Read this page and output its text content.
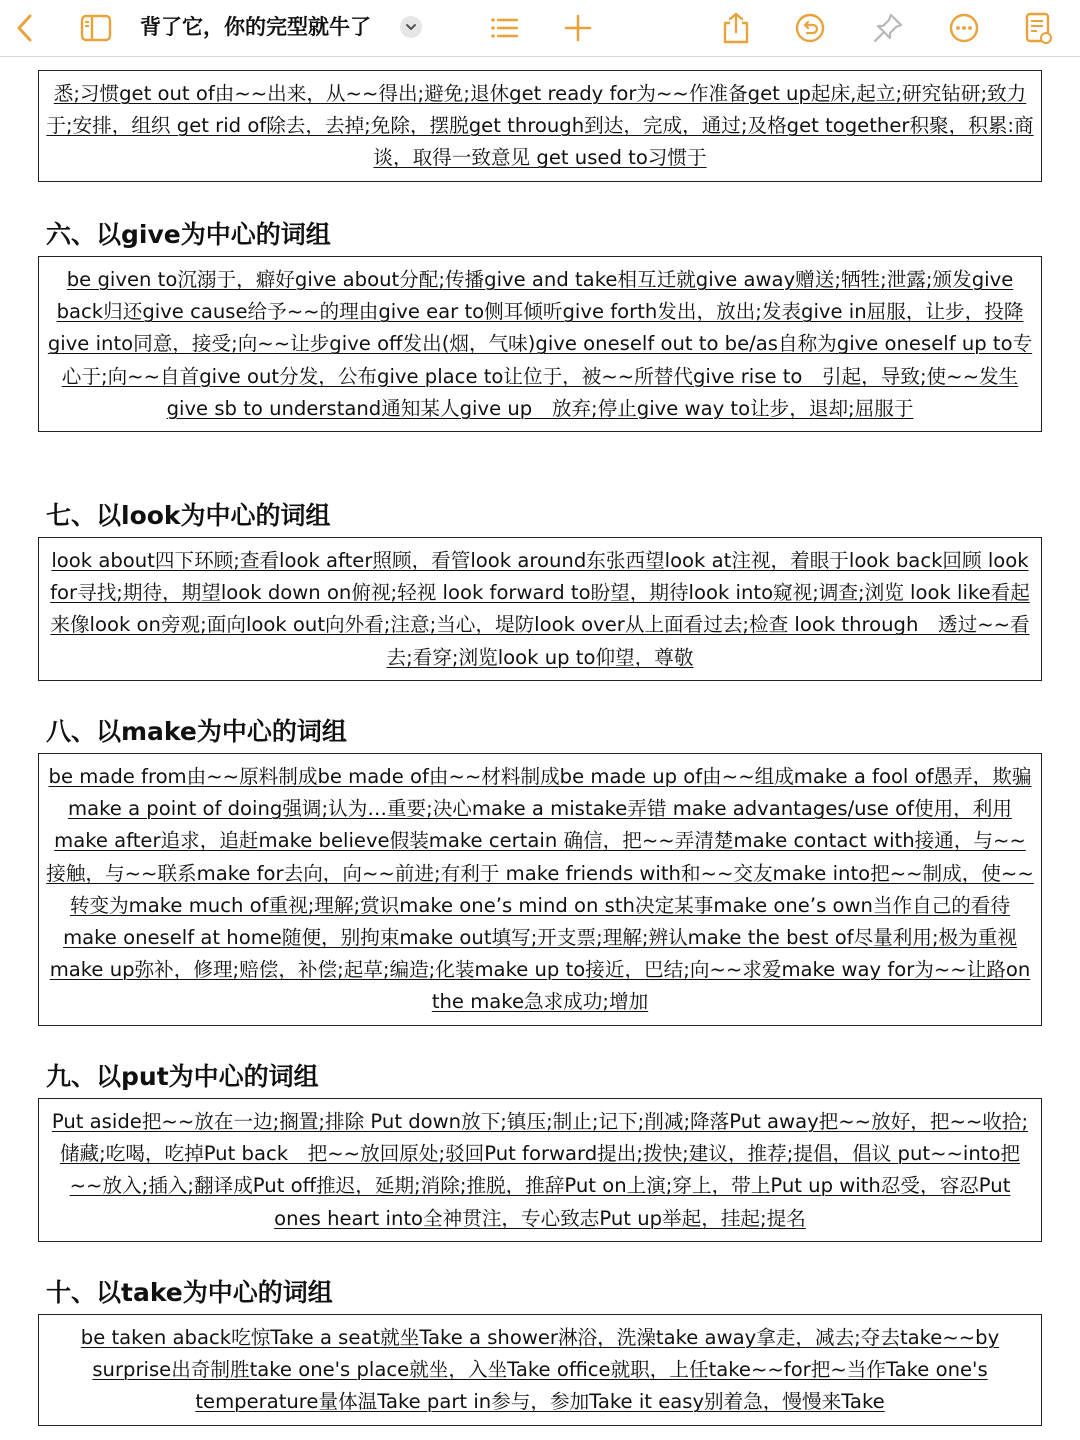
背了它，你的完型就牛了
悉;习惯get out of由~~出来，从~~得出;避免;退休get ready for为~~作准备get up起床,起立;研究钻研;致力于;安排，组织 get rid of除去，去掉;免除，摆脱get through到达，完成，通过;及格get together积聚，积累:商谈，取得一致意见 get used to习惯于
六、以give为中心的词组
be given to沉溺于，癖好give about分配;传播give and take相互迁就give away赠送;牺牲;泄露;颁发give back归还give cause给予~~的理由give ear to侧耳倾听give forth发出，放出;发表give in屈服，让步，投降give into同意，接受;向~~让步give off发出(烟，气味)give oneself out to be/as自称为give oneself up to专心于;向~~自首give out分发，公布give place to让位于，被~~所替代give rise to　引起，导致;使~~发生 give sb to understand通知某人give up　放弃;停止give way to让步，退却;屈服于
七、以look为中心的词组
look about四下环顾;查看look after照顾，看管look around东张西望look at注视，着眼于look back回顾 look for寻找;期待，期望look down on俯视;轻视 look forward to盼望，期待look into窥视;调查;浏览 look like看起来像look on旁观;面向look out向外看;注意;当心，堤防look over从上面看过去;检查 look through　透过~~看去;看穿;浏览look up to仰望，尊敬
八、以make为中心的词组
be made from由~~原料制成be made of由~~材料制成be made up of由~~组成make a fool of愚弄，欺骗 make a point of doing强调;认为…重要;决心make a mistake弄错 make advantages/use of使用，利用make after追求，追赶make believe假装make certain 确信，把~~弄清楚make contact with接通，与~~接触，与~~联系make for去向，向~~前进;有利于 make friends with和~~交友make into把~~制成，使~~转变为make much of重视;理解;赏识make one’s mind on sth决定某事make one’s own当作自己的看待make oneself at home随便，别拘束make out填写;开支票;理解;辨认make the best of尽量利用;极为重视make up弥补，修理;赔偿，补偿;起草;编造;化装make up to接近，巴结;向~~求爱make way for为~~让路on the make急求成功;增加
九、以put为中心的词组
Put aside把~~放在一边;搁置;排除 Put down放下;镇压;制止;记下;削减;降落Put away把~~放好，把~~收拾;储藏;吃喝，吃掉Put back　把~~放回原处;驳回Put forward提出;拨快;建议，推荐;提倡，倡议 put~~into把~~放入;插入;翻译成Put off推迟，延期;消除;推脱，推辞Put on上演;穿上，带上Put up with忍受，容忍Put ones heart into全神贯注，专心致志Put up举起，挂起;提名
十、以take为中心的词组
be taken aback吃惊Take a seat就坐Take a shower淋浴，洗澡take away拿走，减去;夺去take~~by surprise出奇制胜take one's place就坐，入坐Take office就职，上任take~~for把~当作Take one's temperature量体温Take part in参与，参加Take it easy别着急，慢慢来Take
